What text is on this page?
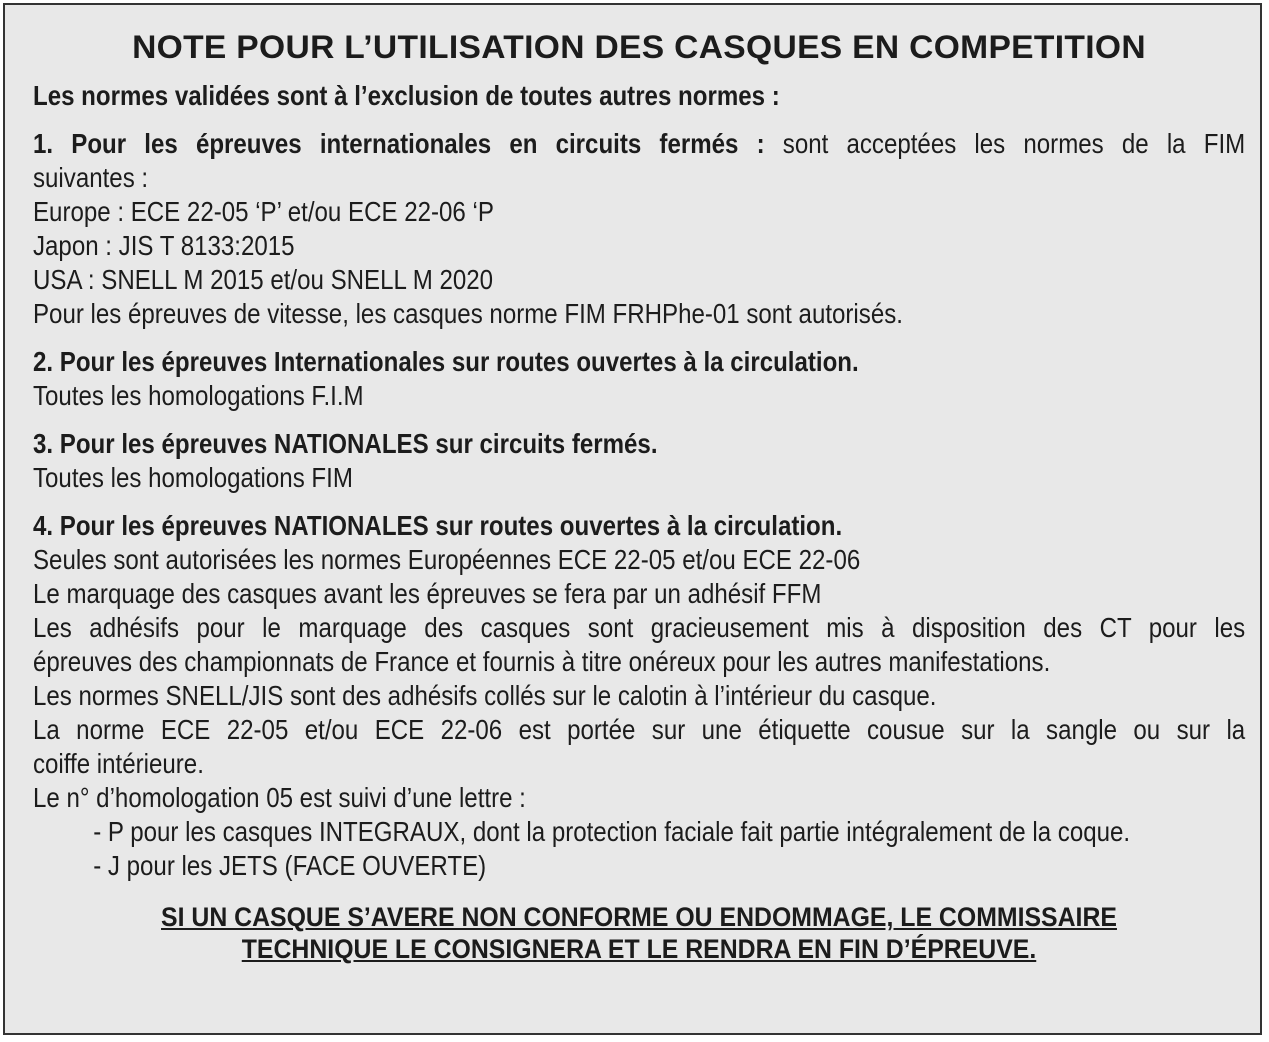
NOTE POUR L’UTILISATION DES CASQUES EN COMPETITION
Les normes validées sont à l’exclusion de toutes autres normes :
1. Pour les épreuves internationales en circuits fermés : sont acceptées les normes de la FIM
suivantes :
Europe : ECE 22-05 ‘P’ et/ou ECE 22-06 ‘P
Japon : JIS T 8133:2015
USA : SNELL M 2015 et/ou SNELL M 2020
Pour les épreuves de vitesse, les casques norme FIM FRHPhe-01 sont autorisés.
2. Pour les épreuves Internationales sur routes ouvertes à la circulation.
Toutes les homologations F.I.M
3. Pour les épreuves NATIONALES sur circuits fermés.
Toutes les homologations FIM
4. Pour les épreuves NATIONALES sur routes ouvertes à la circulation.
Seules sont autorisées les normes Européennes ECE 22-05 et/ou ECE 22-06
Le marquage des casques avant les épreuves se fera par un adhésif FFM
Les adhésifs pour le marquage des casques sont gracieusement mis à disposition des CT pour les
épreuves des championnats de France et fournis à titre onéreux pour les autres manifestations.
Les normes SNELL/JIS sont des adhésifs collés sur le calotin à l’intérieur du casque.
La norme ECE 22-05 et/ou ECE 22-06 est portée sur une étiquette cousue sur la sangle ou sur la
coiffe intérieure.
Le n° d’homologation 05 est suivi d’une lettre :
- P pour les casques INTEGRAUX, dont la protection faciale fait partie intégralement de la coque.
- J pour les JETS (FACE OUVERTE)
SI UN CASQUE S’AVERE NON CONFORME OU ENDOMMAGE, LE COMMISSAIRE
TECHNIQUE LE CONSIGNERA ET LE RENDRA EN FIN D’ÉPREUVE.
